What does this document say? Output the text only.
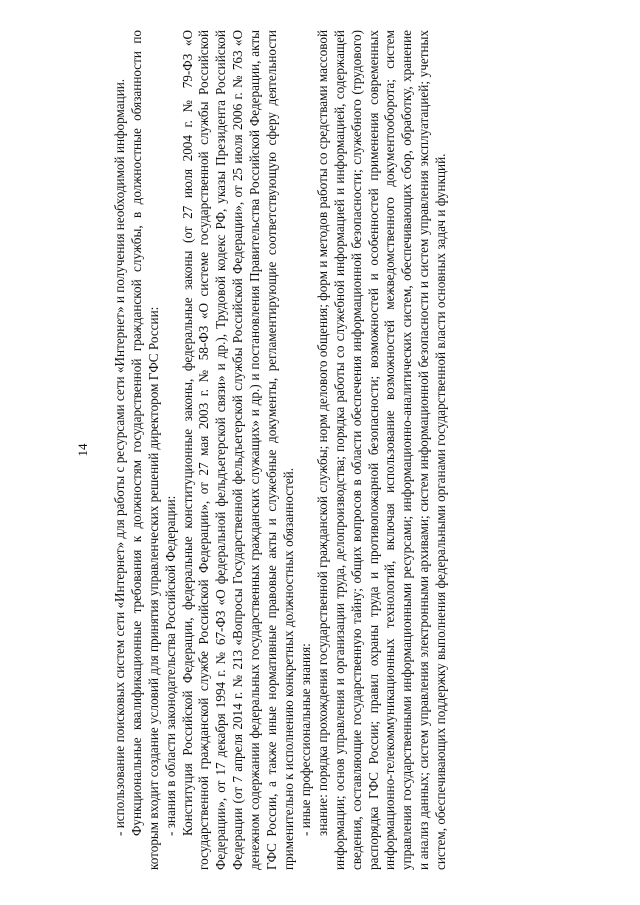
14 - использование поисковых систем сети «Интернет» для работы с ресурсами сети «Интернет» и получения необходимой информации. Функциональные квалификационные требования к должностям государственной гражданской службы, в должностные обязанности по которым входит создание условий для принятия управленческих решений директором ГФС России: - знания в области законодательства Российской Федерации: Конституция Российской Федерации, федеральные конституционные законы, федеральные законы (от 27 июля 2004 г. № 79-ФЗ «О государственной гражданской службе Российской Федерации», от 27 мая 2003 г. № 58-ФЗ «О системе государственной службы Российской Федерации», от 17 декабря 1994 г. № 67-ФЗ «О федеральной фельдъегерской связи» и др.), Трудовой кодекс РФ, указы Президента Российской Федерации (от 7 апреля 2014 г. № 213 «Вопросы Государственной фельдъегерской службы Российской Федерации», от 25 июля 2006 г. № 763 «О денежном содержании федеральных государственных гражданских служащих» и др.) и постановления Правительства Российской Федерации, акты ГФС России, а также иные нормативные правовые акты и служебные документы, регламентирующие соответствующую сферу деятельности применительно к исполнению конкретных должностных обязанностей. - иные профессиональные знания: знание: порядка прохождения государственной гражданской службы; норм делового общения; форм и методов работы со средствами массовой информации; основ управления и организации труда, делопроизводства; порядка работы со служебной информацией и информацией, содержащей сведения, составляющие государственную тайну; общих вопросов в области обеспечения информационной безопасности; служебного (трудового) распорядка ГФС России; правил охраны труда и противопожарной безопасности; возможностей и особенностей применения современных информационно-телекоммуникационных технологий, включая использование возможностей межведомственного документооборота; систем управления государственными информационными ресурсами; информационно-аналитических систем, обеспечивающих сбор, обработку, хранение и анализ данных; систем управления электронными архивами; систем информационной безопасности и систем управления эксплуатацией; учетных систем, обеспечивающих поддержку выполнения федеральными органами государственной власти основных задач и функций.
